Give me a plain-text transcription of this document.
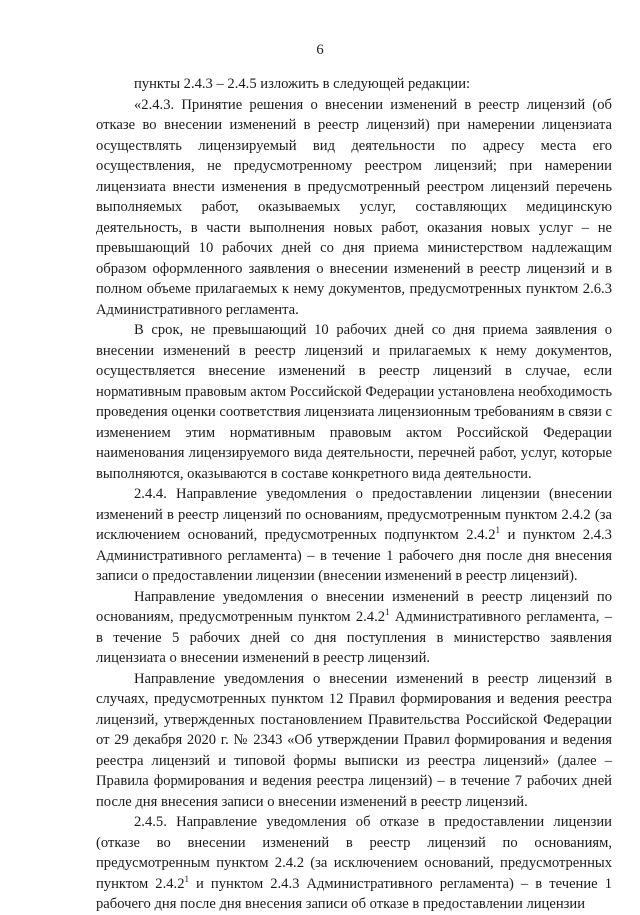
6

пункты 2.4.3 – 2.4.5 изложить в следующей редакции:

«2.4.3. Принятие решения о внесении изменений в реестр лицензий (об отказе во внесении изменений в реестр лицензий) при намерении лицензиата осуществлять лицензируемый вид деятельности по адресу места его осуществления, не предусмотренному реестром лицензий; при намерении лицензиата внести изменения в предусмотренный реестром лицензий перечень выполняемых работ, оказываемых услуг, составляющих медицинскую деятельность, в части выполнения новых работ, оказания новых услуг – не превышающий 10 рабочих дней со дня приема министерством надлежащим образом оформленного заявления о внесении изменений в реестр лицензий и в полном объеме прилагаемых к нему документов, предусмотренных пунктом 2.6.3 Административного регламента.

В срок, не превышающий 10 рабочих дней со дня приема заявления о внесении изменений в реестр лицензий и прилагаемых к нему документов, осуществляется внесение изменений в реестр лицензий в случае, если нормативным правовым актом Российской Федерации установлена необходимость проведения оценки соответствия лицензиата лицензионным требованиям в связи с изменением этим нормативным правовым актом Российской Федерации наименования лицензируемого вида деятельности, перечней работ, услуг, которые выполняются, оказываются в составе конкретного вида деятельности.

2.4.4. Направление уведомления о предоставлении лицензии (внесении изменений в реестр лицензий по основаниям, предусмотренным пунктом 2.4.2 (за исключением оснований, предусмотренных подпунктом 2.4.2$^1$ и пунктом 2.4.3 Административного регламента) – в течение 1 рабочего дня после дня внесения записи о предоставлении лицензии (внесении изменений в реестр лицензий).

Направление уведомления о внесении изменений в реестр лицензий по основаниям, предусмотренным пунктом 2.4.2$^1$ Административного регламента, – в течение 5 рабочих дней со дня поступления в министерство заявления лицензиата о внесении изменений в реестр лицензий.

Направление уведомления о внесении изменений в реестр лицензий в случаях, предусмотренных пунктом 12 Правил формирования и ведения реестра лицензий, утвержденных постановлением Правительства Российской Федерации от 29 декабря 2020 г. № 2343 «Об утверждении Правил формирования и ведения реестра лицензий и типовой формы выписки из реестра лицензий» (далее – Правила формирования и ведения реестра лицензий) – в течение 7 рабочих дней после дня внесения записи о внесении изменений в реестр лицензий.

2.4.5. Направление уведомления об отказе в предоставлении лицензии (отказе во внесении изменений в реестр лицензий по основаниям, предусмотренным пунктом 2.4.2 (за исключением оснований, предусмотренных пунктом 2.4.2$^1$ и пунктом 2.4.3 Административного регламента) – в течение 1 рабочего дня после дня внесения записи об отказе в предоставлении лицензии
